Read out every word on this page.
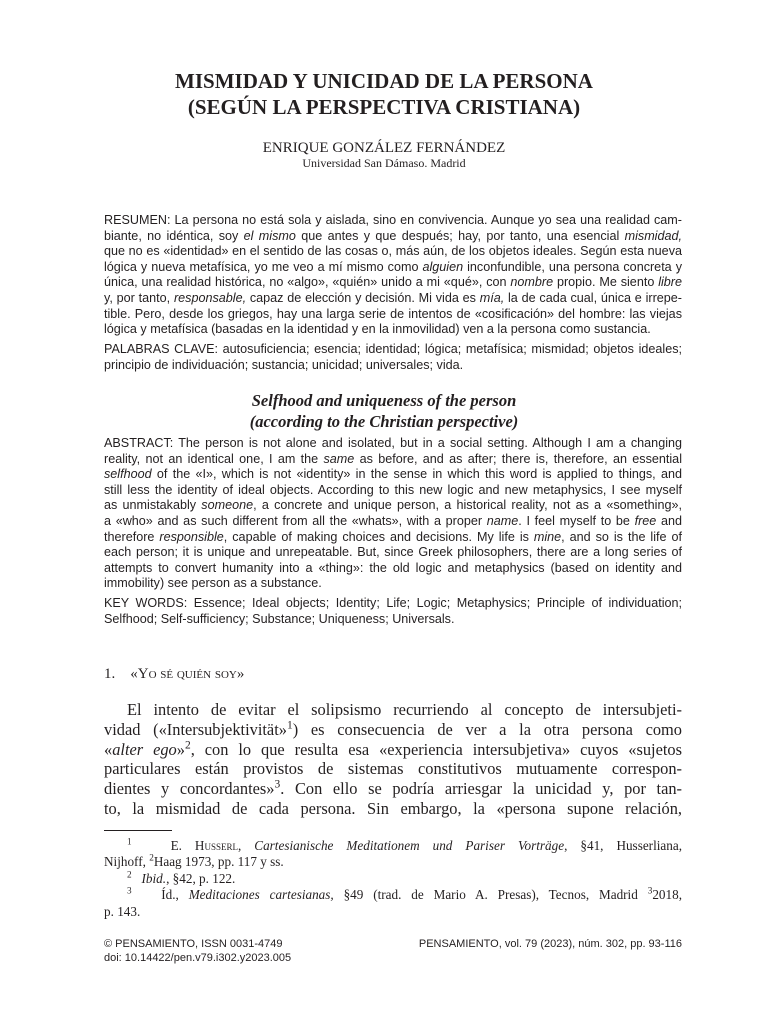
MISMIDAD Y UNICIDAD DE LA PERSONA
(SEGÚN LA PERSPECTIVA CRISTIANA)
ENRIQUE GONZÁLEZ FERNÁNDEZ
Universidad San Dámaso. Madrid
RESUMEN: La persona no está sola y aislada, sino en convivencia. Aunque yo sea una realidad cam-
biante, no idéntica, soy el mismo que antes y que después; hay, por tanto, una esencial mismidad,
que no es «identidad» en el sentido de las cosas o, más aún, de los objetos ideales. Según esta nueva
lógica y nueva metafísica, yo me veo a mí mismo como alguien inconfundible, una persona concreta y
única, una realidad histórica, no «algo», «quién» unido a mi «qué», con nombre propio. Me siento libre
y, por tanto, responsable, capaz de elección y decisión. Mi vida es mía, la de cada cual, única e irrepe-
tible. Pero, desde los griegos, hay una larga serie de intentos de «cosificación» del hombre: las viejas
lógica y metafísica (basadas en la identidad y en la inmovilidad) ven a la persona como sustancia.
PALABRAS CLAVE: autosuficiencia; esencia; identidad; lógica; metafísica; mismidad; objetos ideales;
principio de individuación; sustancia; unicidad; universales; vida.
Selfhood and uniqueness of the person
(according to the Christian perspective)
ABSTRACT: The person is not alone and isolated, but in a social setting. Although I am a changing
reality, not an identical one, I am the same as before, and as after; there is, therefore, an essential
selfhood of the «I», which is not «identity» in the sense in which this word is applied to things, and
still less the identity of ideal objects. According to this new logic and new metaphysics, I see myself
as unmistakably someone, a concrete and unique person, a historical reality, not as a «something»,
a «who» and as such different from all the «whats», with a proper name. I feel myself to be free and
therefore responsible, capable of making choices and decisions. My life is mine, and so is the life of
each person; it is unique and unrepeatable. But, since Greek philosophers, there are a long series of
attempts to convert humanity into a «thing»: the old logic and metaphysics (based on identity and
immobility) see person as a substance.
KEY WORDS: Essence; Ideal objects; Identity; Life; Logic; Metaphysics; Principle of individuation;
Selfhood; Self-sufficiency; Substance; Uniqueness; Universals.
1. «Yo sé quién soy»
El intento de evitar el solipsismo recurriendo al concepto de intersubjeti-
vidad («Intersubjektivität»$^1$) es consecuencia de ver a la otra persona como
«alter ego»$^2$, con lo que resulta esa «experiencia intersubjetiva» cuyos «sujetos
particulares están provistos de sistemas constitutivos mutuamente correspon-
dientes y concordantes»$^3$. Con ello se podría arriesgar la unicidad y, por tan-
to, la mismidad de cada persona. Sin embargo, la «persona supone relación,
$^1$	E. Husserl, Cartesianische Meditationem und Pariser Vorträge, §41, Husserliana,
Nijhoff, $^2$Haag 1973, pp. 117 y ss.
$^2$ Ibid., §42, p. 122.
$^3$ Íd., Meditaciones cartesianas, §49 (trad. de Mario A. Presas), Tecnos, Madrid $^3$2018,
p. 143.
© PENSAMIENTO, ISSN 0031-4749
doi: 10.14422/pen.v79.i302.y2023.005
PENSAMIENTO, vol. 79 (2023), núm. 302, pp. 93-116
